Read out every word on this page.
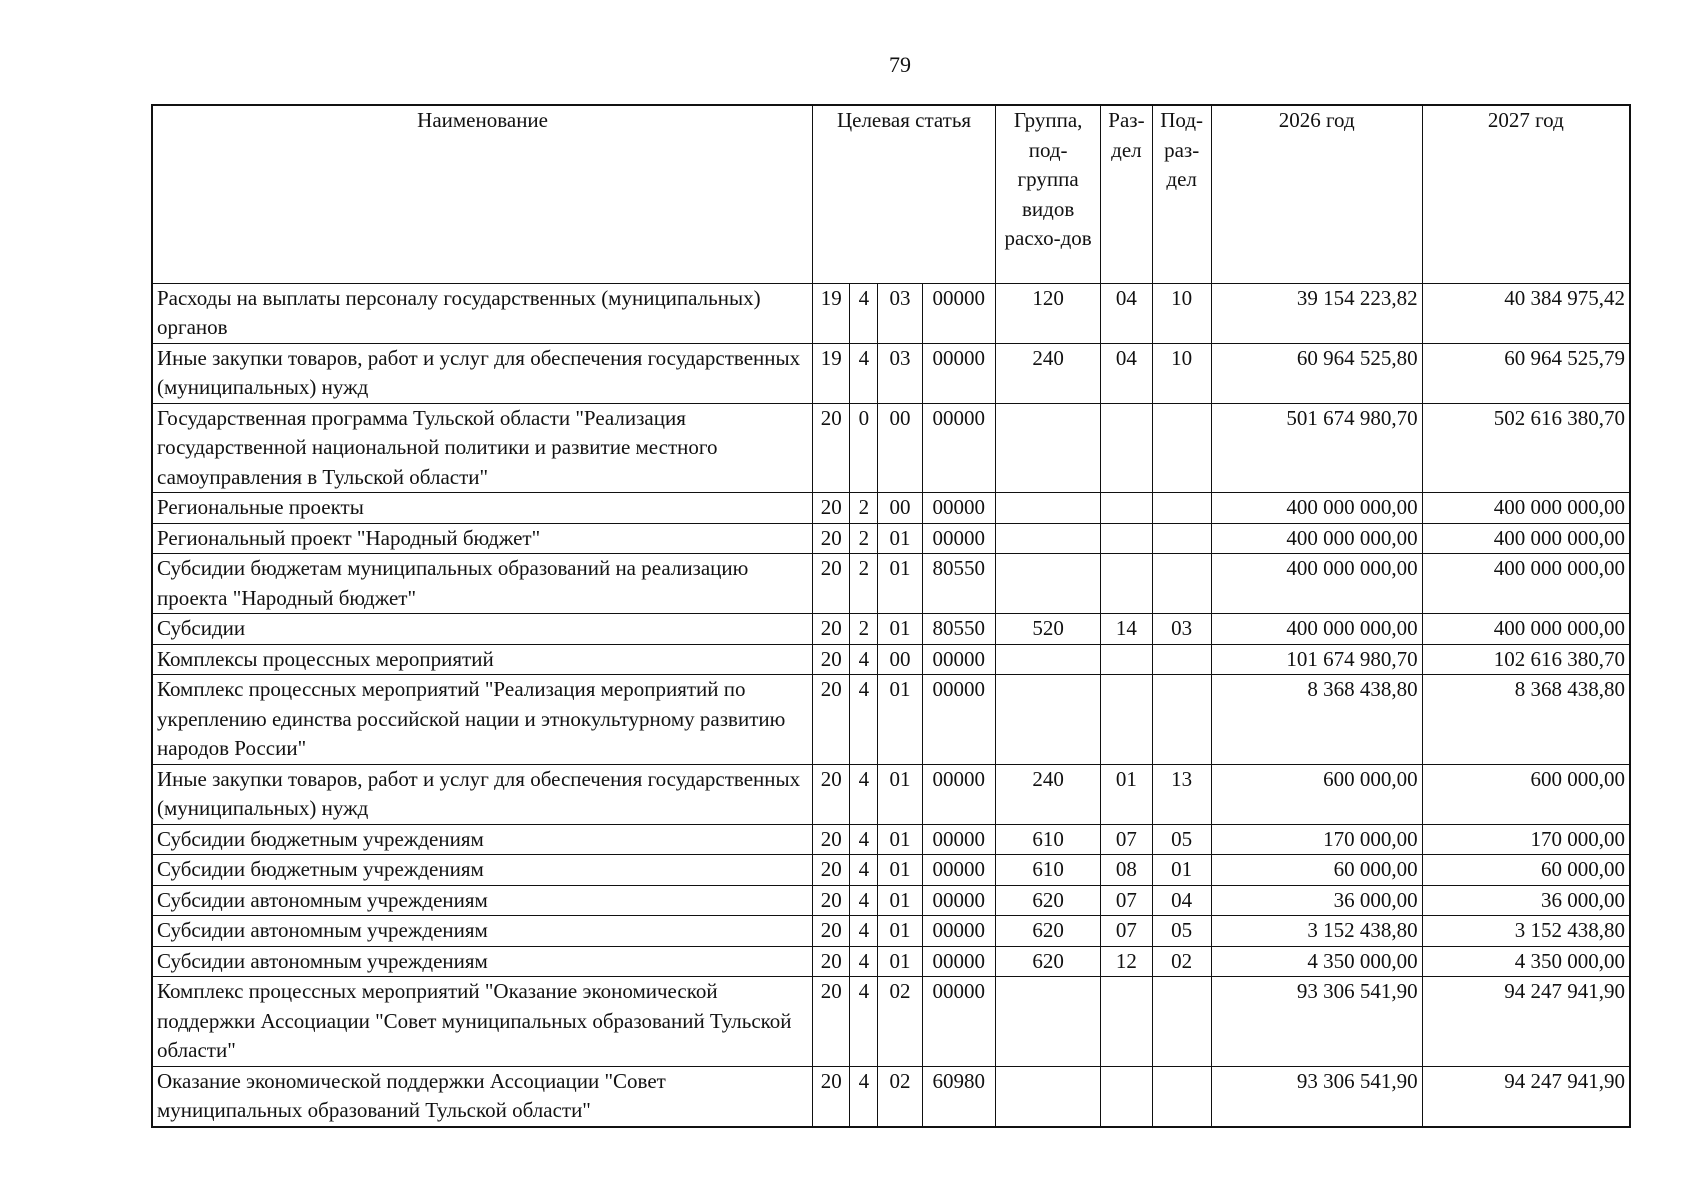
79
Наименование	Целевая статья				Группа, под-группа видов расхо-дов	Раз-дел	Под-раз-дел	2026 год	2027 год
Расходы на выплаты персоналу государственных (муниципальных) органов	19	4	03	00000	120	04	10	39 154 223,82	40 384 975,42
Иные закупки товаров, работ и услуг для обеспечения государственных (муниципальных) нужд	19	4	03	00000	240	04	10	60 964 525,80	60 964 525,79
Государственная программа Тульской области "Реализация государственной национальной политики и развитие местного самоуправления в Тульской области"	20	0	00	00000				501 674 980,70	502 616 380,70
Региональные проекты	20	2	00	00000				400 000 000,00	400 000 000,00
Региональный проект "Народный бюджет"	20	2	01	00000				400 000 000,00	400 000 000,00
Субсидии бюджетам муниципальных образований на реализацию проекта "Народный бюджет"	20	2	01	80550				400 000 000,00	400 000 000,00
Субсидии	20	2	01	80550	520	14	03	400 000 000,00	400 000 000,00
Комплексы процессных мероприятий	20	4	00	00000				101 674 980,70	102 616 380,70
Комплекс процессных мероприятий "Реализация мероприятий по укреплению единства российской нации и этнокультурному развитию народов России"	20	4	01	00000				8 368 438,80	8 368 438,80
Иные закупки товаров, работ и услуг для обеспечения государственных (муниципальных) нужд	20	4	01	00000	240	01	13	600 000,00	600 000,00
Субсидии бюджетным учреждениям	20	4	01	00000	610	07	05	170 000,00	170 000,00
Субсидии бюджетным учреждениям	20	4	01	00000	610	08	01	60 000,00	60 000,00
Субсидии автономным учреждениям	20	4	01	00000	620	07	04	36 000,00	36 000,00
Субсидии автономным учреждениям	20	4	01	00000	620	07	05	3 152 438,80	3 152 438,80
Субсидии автономным учреждениям	20	4	01	00000	620	12	02	4 350 000,00	4 350 000,00
Комплекс процессных мероприятий "Оказание экономической поддержки Ассоциации "Совет муниципальных образований Тульской области"	20	4	02	00000				93 306 541,90	94 247 941,90
Оказание экономической поддержки Ассоциации "Совет муниципальных образований Тульской области"	20	4	02	60980				93 306 541,90	94 247 941,90
